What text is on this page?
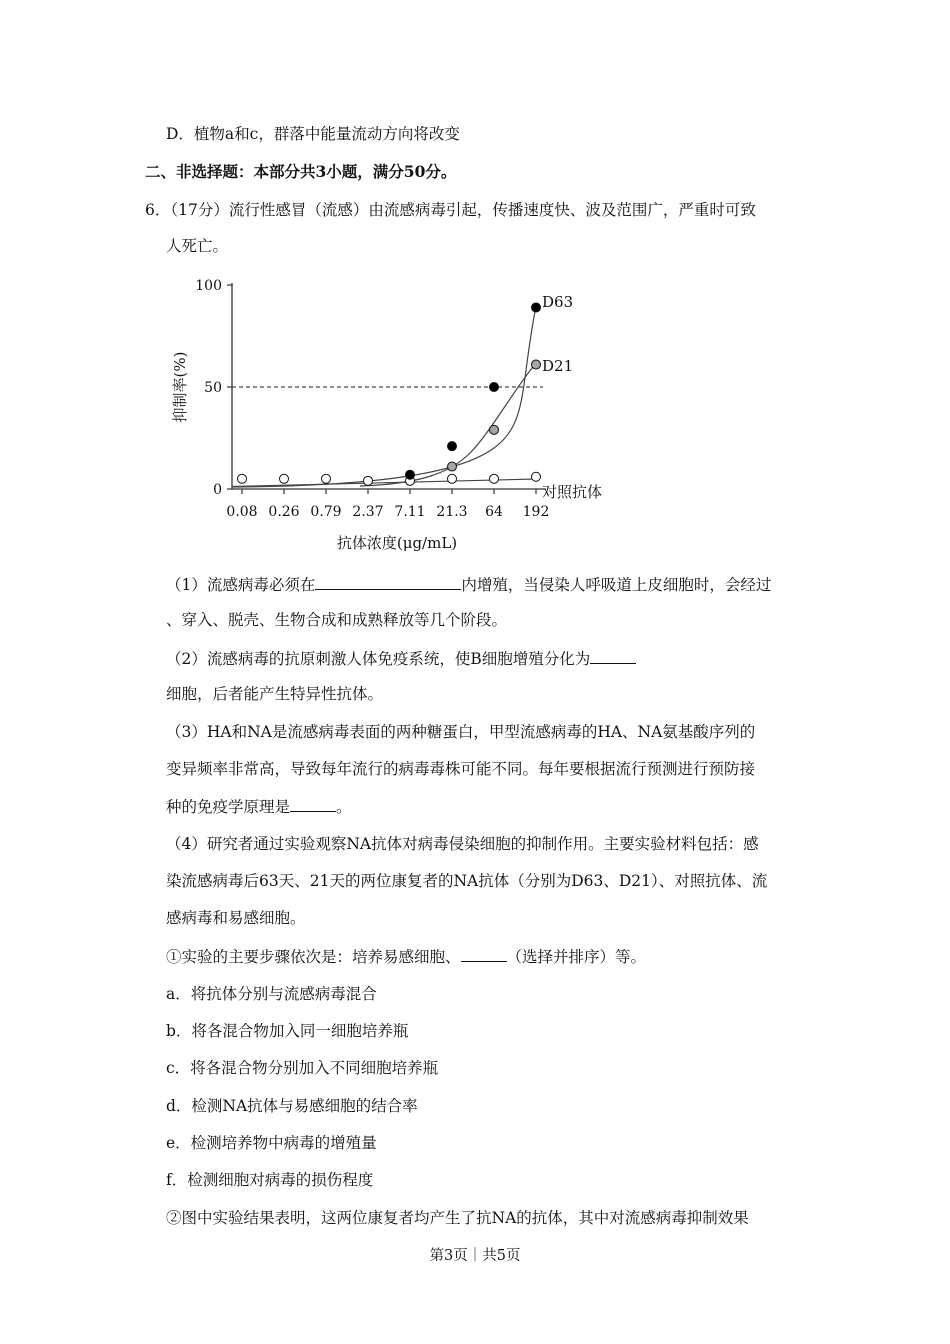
D．植物a和c，群落中能量流动方向将改变
二、非选择题：本部分共3小题，满分50分。
6．（17分）流行性感冒（流感）由流感病毒引起，传播速度快、波及范围广，严重时可致
人死亡。
0
50
100
0.08 0.26 0.79 2.37 7.11 21.3 64 192
抗体浓度(μg/mL)
抑制率(%)
D63
D21
对照抗体
（1）流感病毒必须在	内增殖，当侵染人呼吸道上皮细胞时，会经过
、穿入、脱壳、生物合成和成熟释放等几个阶段。
（2）流感病毒的抗原刺激人体免疫系统，使B细胞增殖分化为
细胞，后者能产生特异性抗体。
（3）HA和NA是流感病毒表面的两种糖蛋白，甲型流感病毒的HA、NA氨基酸序列的
变异频率非常高，导致每年流行的病毒毒株可能不同。每年要根据流行预测进行预防接
种的免疫学原理是	。
（4）研究者通过实验观察NA抗体对病毒侵染细胞的抑制作用。主要实验材料包括：感
染流感病毒后63天、21天的两位康复者的NA抗体（分别为D63、D21）、对照抗体、流
感病毒和易感细胞。
①实验的主要步骤依次是：培养易感细胞、	（选择并排序）等。
a．将抗体分别与流感病毒混合
b．将各混合物加入同一细胞培养瓶
c．将各混合物分别加入不同细胞培养瓶
d．检测NA抗体与易感细胞的结合率
e．检测培养物中病毒的增殖量
f．检测细胞对病毒的损伤程度
②图中实验结果表明，这两位康复者均产生了抗NA的抗体，其中对流感病毒抑制效果
第3页｜共5页
